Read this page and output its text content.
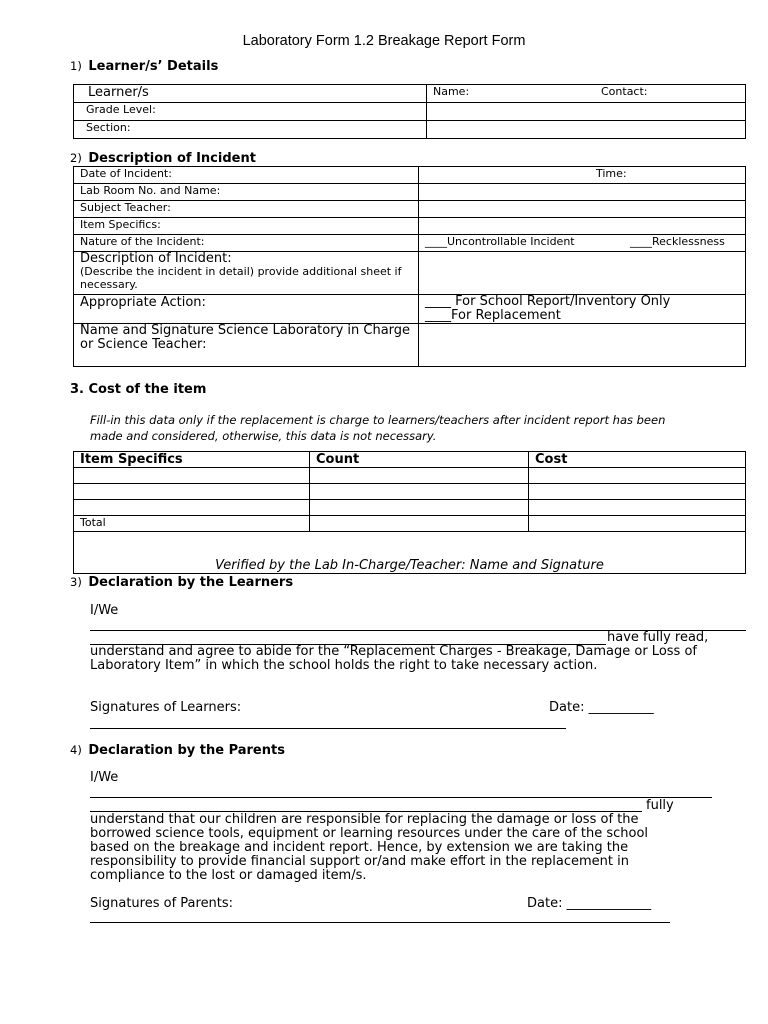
Laboratory Form 1.2 Breakage Report Form
1) Learner/s’ Details
Learner/s	Name: Contact:

Grade Level:	
Section:	
2) Description of Incident
Date of Incident:	Time:

Lab Room No. and Name:	
Subject Teacher:	
Item Specifics:	
Nature of the Incident:	____Uncontrollable Incident ____Recklessness

Description of Incident:
(Describe the incident in detail) provide additional sheet if necessary.	

Appropriate Action:	____ For School Report/Inventory Only
____For Replacement

Name and Signature Science Laboratory in Charge or Science Teacher:	
3. Cost of the item
Fill-in this data only if the replacement is charge to learners/teachers after incident report has been made and considered, otherwise, this data is not necessary.
Item Specifics	Count	Cost

Total		
Verified by the Lab In-Charge/Teacher: Name and Signature		
3) Declaration by the Learners
I/We
have fully read,
understand and agree to abide for the “Replacement Charges - Breakage, Damage or Loss of Laboratory Item” in which the school holds the right to take necessary action.
Signatures of Learners:	Date: __________
4) Declaration by the Parents
I/We
fully
understand that our children are responsible for replacing the damage or loss of the borrowed science tools, equipment or learning resources under the care of the school based on the breakage and incident report. Hence, by extension we are taking the responsibility to provide financial support or/and make effort in the replacement in compliance to the lost or damaged item/s.
Signatures of Parents:	Date: _____________
